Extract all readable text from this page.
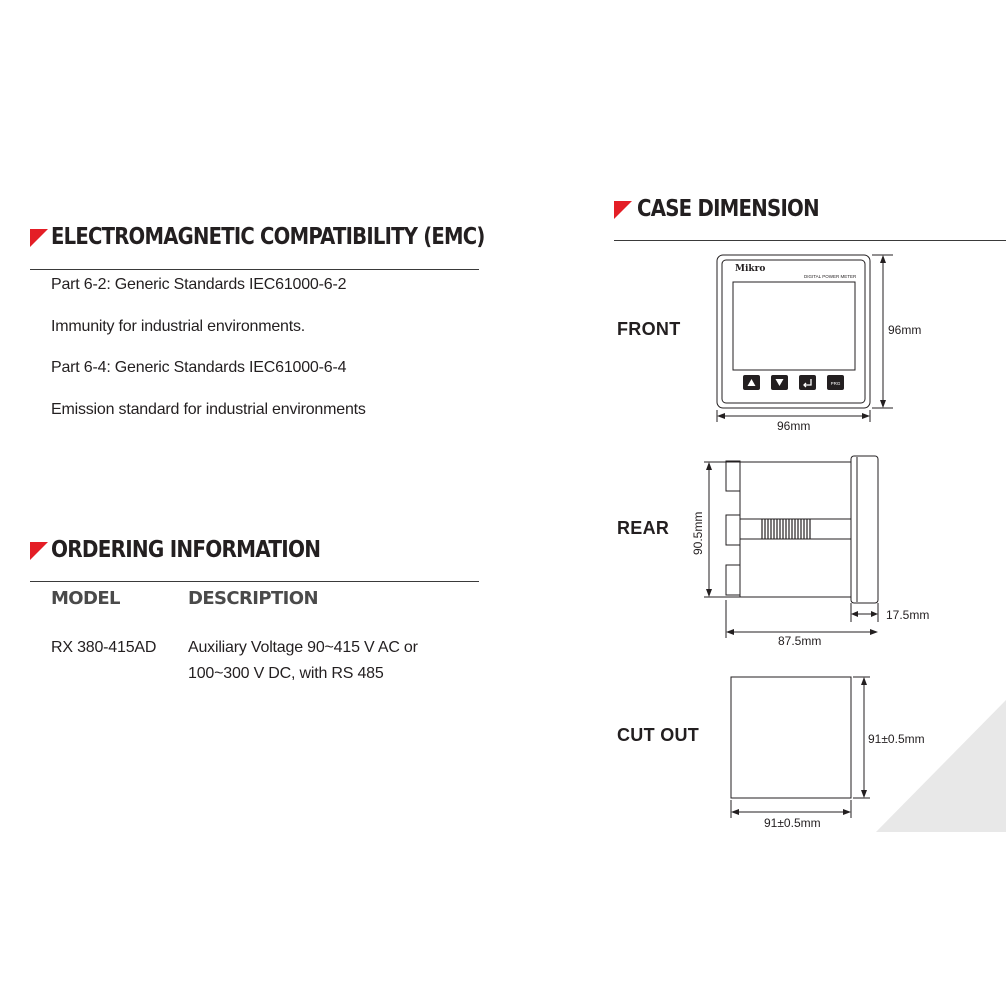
ELECTROMAGNETIC COMPATIBILITY (EMC)
Part 6-2: Generic Standards IEC61000-6-2
Immunity for industrial environments.
Part 6-4: Generic Standards IEC61000-6-4
Emission standard for industrial environments
ORDERING INFORMATION
MODEL	DESCRIPTION
RX 380-415AD Auxiliary Voltage 90~415 V AC or
100~300 V DC, with RS 485
CASE DIMENSION
FRONT
REAR
CUT OUT
Mikro
DIGITAL POWER METER
PRG
96mm
96mm
90.5mm
17.5mm
87.5mm
91±0.5mm
91±0.5mm
